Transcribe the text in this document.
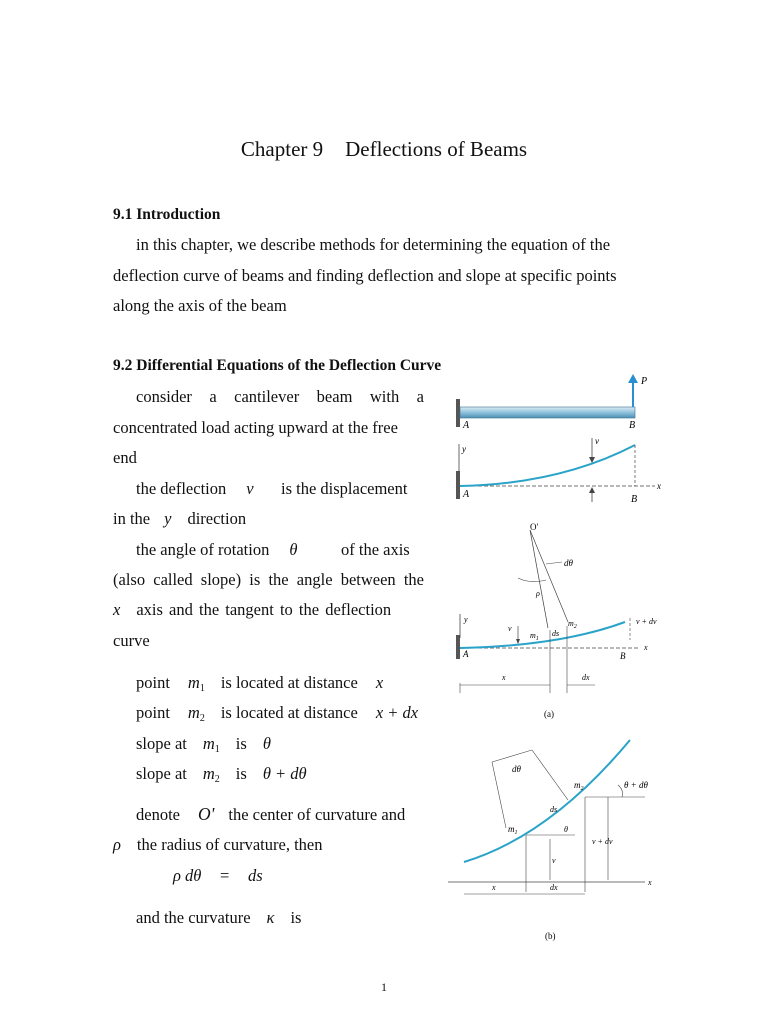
Chapter 9 Deflections of Beams
9.1 Introduction
in this chapter, we describe methods for determining the equation of the
deflection curve of beams and finding deflection and slope at specific points
along the axis of the beam
9.2 Differential Equations of the Deflection Curve
consider a cantilever beam with a
concentrated load acting upward at the free
end
the deflection v is the displacement
in the y direction
the angle of rotation θ	of the axis
(also called slope) is the angle between the
x axis and the tangent to the deflection
curve
point $m_1$ is located at distance x
point $m_2$ is located at distance x + dx
slope at $m_1$ is θ
slope at $m_2$ is θ + dθ
denote O' the center of curvature and
ρ the radius of curvature, then
ρ dθ = ds
and the curvature κ is
P
A	B
y
x
v
A	B
O'
dθ
ρ
y
x
v
$m_1$
ds
$m_2$
v + dv
A	B
x	dx
(a)
dθ
$m_2$	θ + dθ
ds
$m_1$	θ
v
v + dv
x
x	dx
(b)
1
